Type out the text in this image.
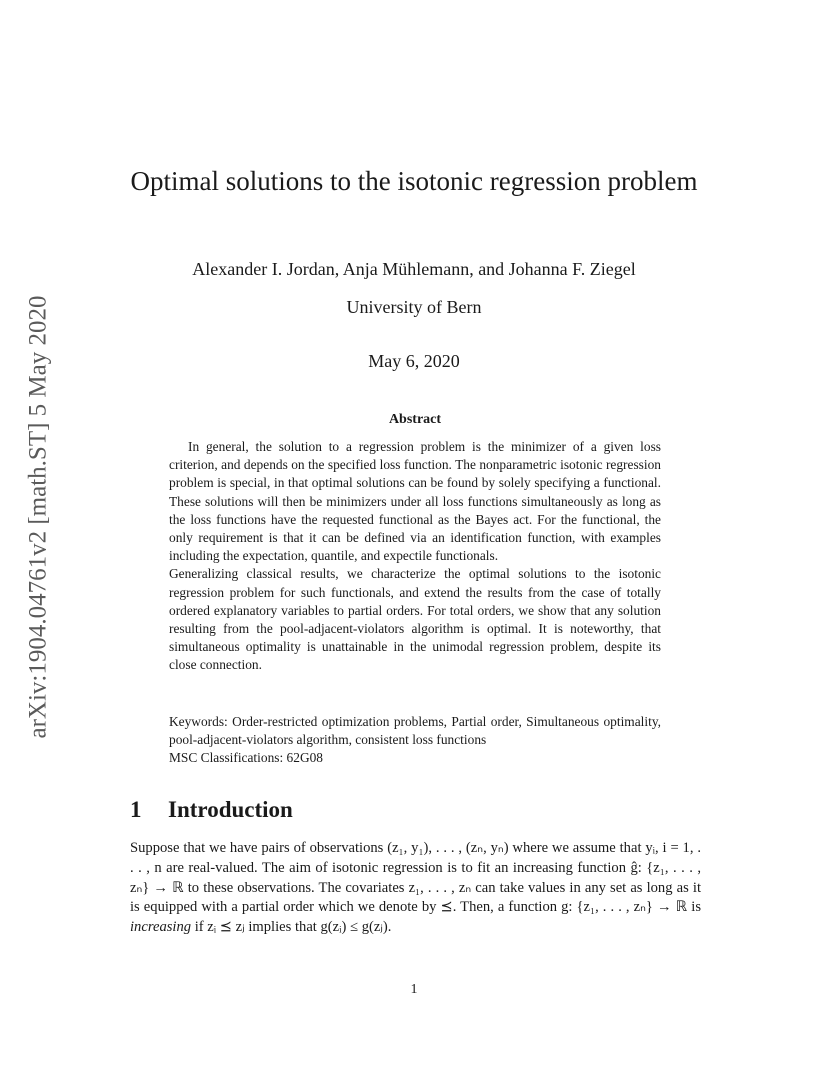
arXiv:1904.04761v2 [math.ST] 5 May 2020
Optimal solutions to the isotonic regression problem
Alexander I. Jordan, Anja Mühlemann, and Johanna F. Ziegel
University of Bern
May 6, 2020
Abstract

In general, the solution to a regression problem is the minimizer of a given loss criterion, and depends on the specified loss function. The nonparametric isotonic regression problem is special, in that optimal solutions can be found by solely specifying a functional. These solutions will then be minimizers under all loss functions simultaneously as long as the loss functions have the requested functional as the Bayes act. For the functional, the only requirement is that it can be defined via an identification function, with examples including the expectation, quantile, and expectile functionals.

Generalizing classical results, we characterize the optimal solutions to the isotonic regression problem for such functionals, and extend the results from the case of totally ordered explanatory variables to partial orders. For total orders, we show that any solution resulting from the pool-adjacent-violators algorithm is optimal. It is noteworthy, that simultaneous optimality is unattainable in the unimodal regression problem, despite its close connection.

Keywords: Order-restricted optimization problems, Partial order, Simultaneous optimality, pool-adjacent-violators algorithm, consistent loss functions

MSC Classifications: 62G08

1 Introduction

Suppose that we have pairs of observations (z₁, y₁), . . . , (zₙ, yₙ) where we assume that yᵢ, i = 1, . . . , n are real-valued. The aim of isotonic regression is to fit an increasing function ĝ: {z₁, . . . , zₙ} → ℝ to these observations. The covariates z₁, . . . , zₙ can take values in any set as long as it is equipped with a partial order which we denote by ⪯. Then, a function g: {z₁, . . . , zₙ} → ℝ is increasing if zᵢ ⪯ zⱼ implies that g(zᵢ) ≤ g(zⱼ).

1
